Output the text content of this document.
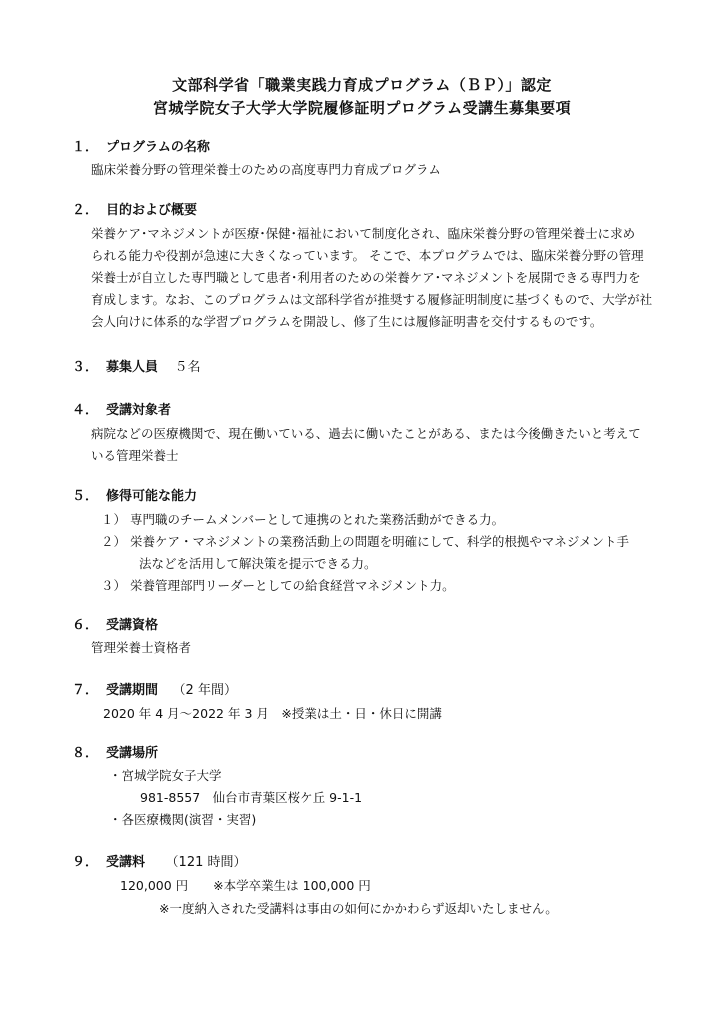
文部科学省「職業実践力育成プログラム（ＢＰ）」認定
宮城学院女子大学大学院履修証明プログラム受講生募集要項
１． プログラムの名称
臨床栄養分野の管理栄養士のための高度専門力育成プログラム
２． 目的および概要
栄養ケア･マネジメントが医療･保健･福祉において制度化され、臨床栄養分野の管理栄養士に求め
られる能力や役割が急速に大きくなっています。 そこで、本プログラムでは、臨床栄養分野の管理
栄養士が自立した専門職として患者･利用者のための栄養ケア･マネジメントを展開できる専門力を
育成します。なお、このプログラムは文部科学省が推奨する履修証明制度に基づくもので、大学が社
会人向けに体系的な学習プログラムを開設し、修了生には履修証明書を交付するものです。
３． 募集人員 ５名
４． 受講対象者
病院などの医療機関で、現在働いている、過去に働いたことがある、または今後働きたいと考えて
いる管理栄養士
５． 修得可能な能力
１） 専門職のチームメンバーとして連携のとれた業務活動ができる力。
２） 栄養ケア・マネジメントの業務活動上の問題を明確にして、科学的根拠やマネジメント手
法などを活用して解決策を提示できる力。
３） 栄養管理部門リーダーとしての給食経営マネジメント力。
６． 受講資格
管理栄養士資格者
７． 受講期間 （2 年間）
2020 年 4 月〜2022 年 3 月　※授業は土・日・休日に開講
８． 受講場所
・宮城学院女子大学
981-8557　仙台市青葉区桜ケ丘 9-1-1
・各医療機関(演習・実習)
９． 受講料 （121 時間）
120,000 円　　※本学卒業生は 100,000 円
※一度納入された受講料は事由の如何にかかわらず返却いたしません。
